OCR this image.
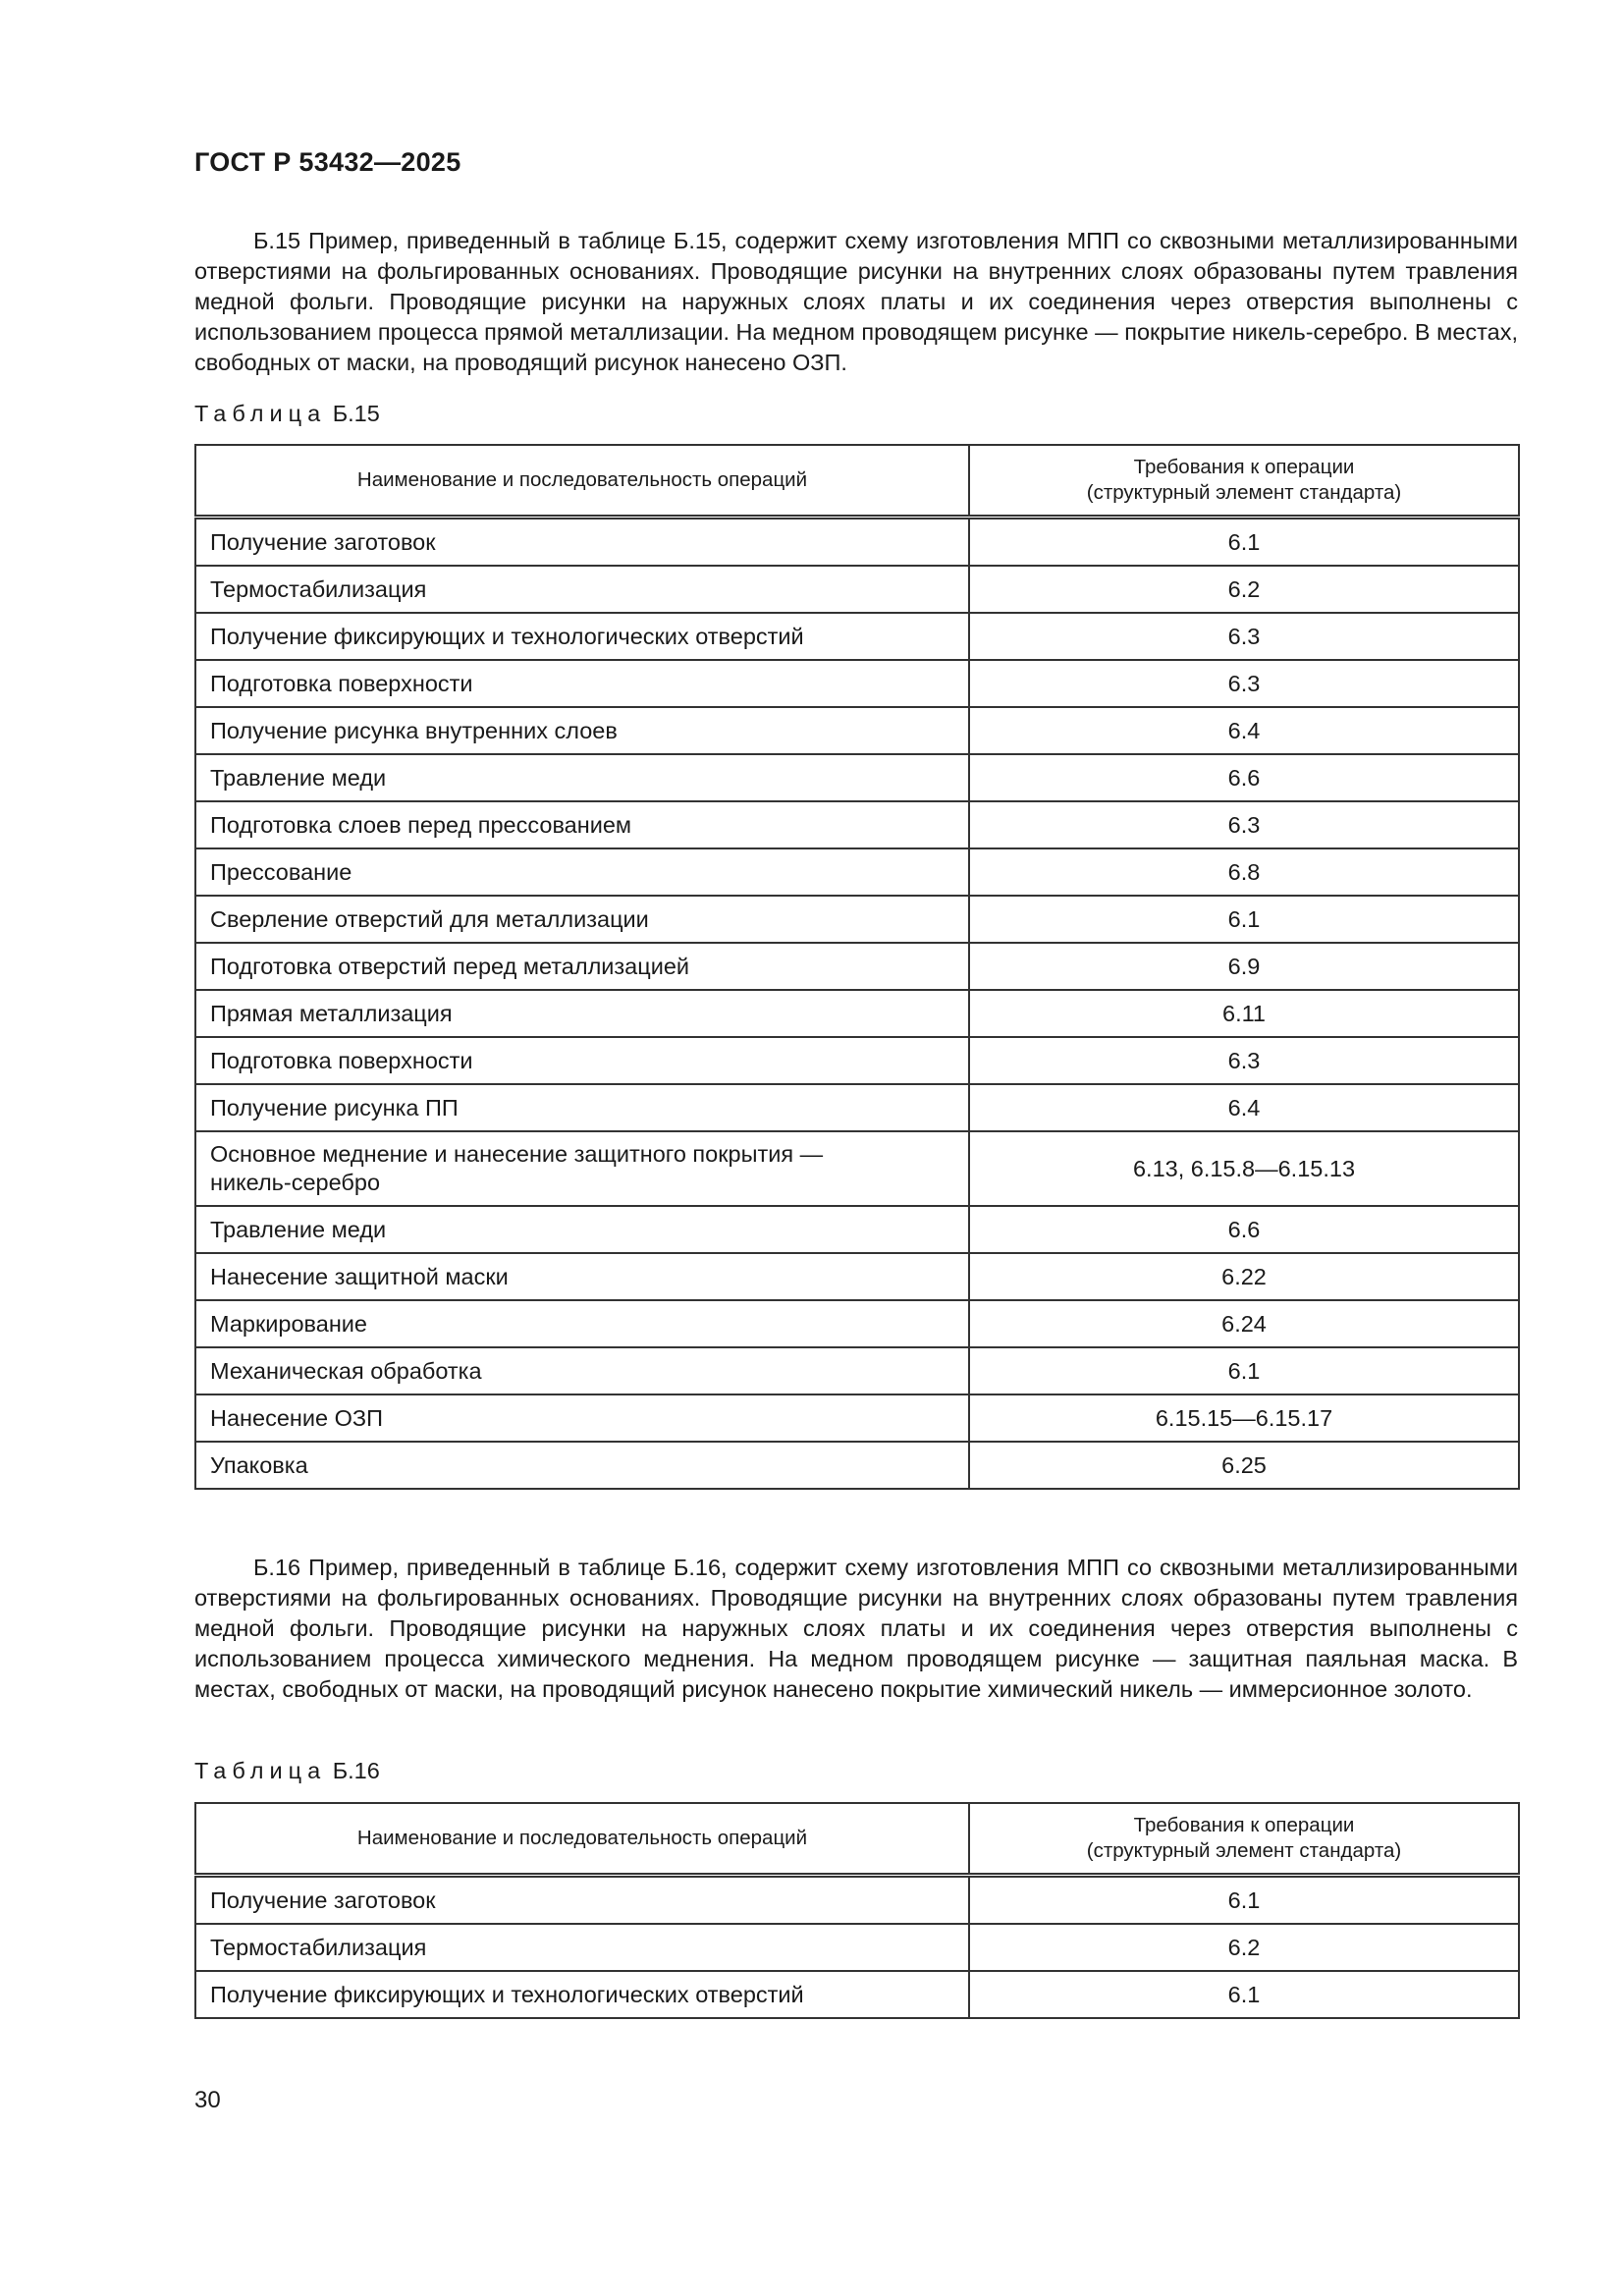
ГОСТ Р 53432—2025

Б.15 Пример, приведенный в таблице Б.15, содержит схему изготовления МПП со сквозными металлизированными отверстиями на фольгированных основаниях. Проводящие рисунки на внутренних слоях образованы путем травления медной фольги. Проводящие рисунки на наружных слоях платы и их соединения через отверстия выполнены с использованием процесса прямой металлизации. На медном проводящем рисунке — покрытие никель-серебро. В местах, свободных от маски, на проводящий рисунок нанесено ОЗП.

Таблица Б.15
Наименование и последовательность операций	Требования к операции
(структурный элемент стандарта)
Получение заготовок	6.1
Термостабилизация	6.2
Получение фиксирующих и технологических отверстий	6.3
Подготовка поверхности	6.3
Получение рисунка внутренних слоев	6.4
Травление меди	6.6
Подготовка слоев перед прессованием	6.3
Прессование	6.8
Сверление отверстий для металлизации	6.1
Подготовка отверстий перед металлизацией	6.9
Прямая металлизация	6.11
Подготовка поверхности	6.3
Получение рисунка ПП	6.4
Основное меднение и нанесение защитного покрытия —
никель-серебро	6.13, 6.15.8—6.15.13
Травление меди	6.6
Нанесение защитной маски	6.22
Маркирование	6.24
Механическая обработка	6.1
Нанесение ОЗП	6.15.15—6.15.17
Упаковка	6.25

Б.16 Пример, приведенный в таблице Б.16, содержит схему изготовления МПП со сквозными металлизированными отверстиями на фольгированных основаниях. Проводящие рисунки на внутренних слоях образованы путем травления медной фольги. Проводящие рисунки на наружных слоях платы и их соединения через отверстия выполнены с использованием процесса химического меднения. На медном проводящем рисунке — защитная паяльная маска. В местах, свободных от маски, на проводящий рисунок нанесено покрытие химический никель — иммерсионное золото.

Таблица Б.16
Наименование и последовательность операций	Требования к операции
(структурный элемент стандарта)
Получение заготовок	6.1
Термостабилизация	6.2
Получение фиксирующих и технологических отверстий	6.1
30
